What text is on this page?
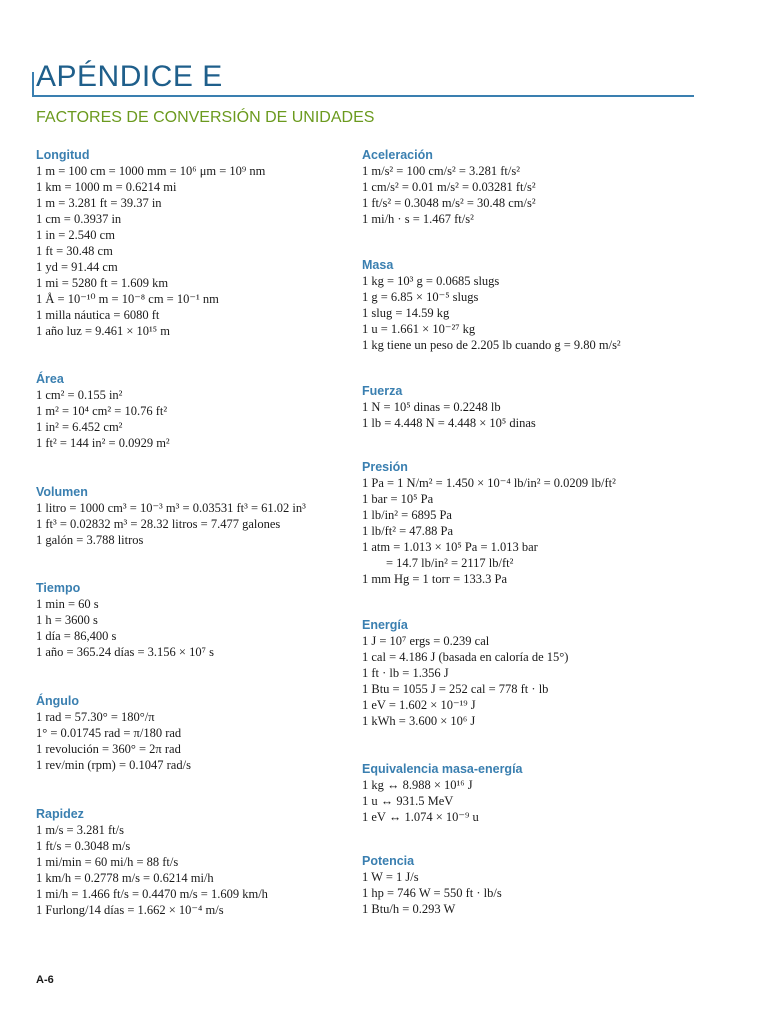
APÉNDICE E
FACTORES DE CONVERSIÓN DE UNIDADES
Longitud
1 m = 100 cm = 1000 mm = 10⁶ μm = 10⁹ nm
1 km = 1000 m = 0.6214 mi
1 m = 3.281 ft = 39.37 in
1 cm = 0.3937 in
1 in = 2.540 cm
1 ft = 30.48 cm
1 yd = 91.44 cm
1 mi = 5280 ft = 1.609 km
1 Å = 10⁻¹⁰ m = 10⁻⁸ cm = 10⁻¹ nm
1 milla náutica = 6080 ft
1 año luz = 9.461 × 10¹⁵ m
Área
1 cm² = 0.155 in²
1 m² = 10⁴ cm² = 10.76 ft²
1 in² = 6.452 cm²
1 ft² = 144 in² = 0.0929 m²
Volumen
1 litro = 1000 cm³ = 10⁻³ m³ = 0.03531 ft³ = 61.02 in³
1 ft³ = 0.02832 m³ = 28.32 litros = 7.477 galones
1 galón = 3.788 litros
Tiempo
1 min = 60 s
1 h = 3600 s
1 día = 86,400 s
1 año = 365.24 días = 3.156 × 10⁷ s
Ángulo
1 rad = 57.30° = 180°/π
1° = 0.01745 rad = π/180 rad
1 revolución = 360° = 2π rad
1 rev/min (rpm) = 0.1047 rad/s
Rapidez
1 m/s = 3.281 ft/s
1 ft/s = 0.3048 m/s
1 mi/min = 60 mi/h = 88 ft/s
1 km/h = 0.2778 m/s = 0.6214 mi/h
1 mi/h = 1.466 ft/s = 0.4470 m/s = 1.609 km/h
1 Furlong/14 días = 1.662 × 10⁻⁴ m/s
Aceleración
1 m/s² = 100 cm/s² = 3.281 ft/s²
1 cm/s² = 0.01 m/s² = 0.03281 ft/s²
1 ft/s² = 0.3048 m/s² = 30.48 cm/s²
1 mi/h · s = 1.467 ft/s²
Masa
1 kg = 10³ g = 0.0685 slugs
1 g = 6.85 × 10⁻⁵ slugs
1 slug = 14.59 kg
1 u = 1.661 × 10⁻²⁷ kg
1 kg tiene un peso de 2.205 lb cuando g = 9.80 m/s²
Fuerza
1 N = 10⁵ dinas = 0.2248 lb
1 lb = 4.448 N = 4.448 × 10⁵ dinas
Presión
1 Pa = 1 N/m² = 1.450 × 10⁻⁴ lb/in² = 0.0209 lb/ft²
1 bar = 10⁵ Pa
1 lb/in² = 6895 Pa
1 lb/ft² = 47.88 Pa
1 atm = 1.013 × 10⁵ Pa = 1.013 bar
= 14.7 lb/in² = 2117 lb/ft²
1 mm Hg = 1 torr = 133.3 Pa
Energía
1 J = 10⁷ ergs = 0.239 cal
1 cal = 4.186 J (basada en caloría de 15°)
1 ft · lb = 1.356 J
1 Btu = 1055 J = 252 cal = 778 ft · lb
1 eV = 1.602 × 10⁻¹⁹ J
1 kWh = 3.600 × 10⁶ J
Equivalencia masa-energía
1 kg ↔ 8.988 × 10¹⁶ J
1 u ↔ 931.5 MeV
1 eV ↔ 1.074 × 10⁻⁹ u
Potencia
1 W = 1 J/s
1 hp = 746 W = 550 ft · lb/s
1 Btu/h = 0.293 W
A-6
